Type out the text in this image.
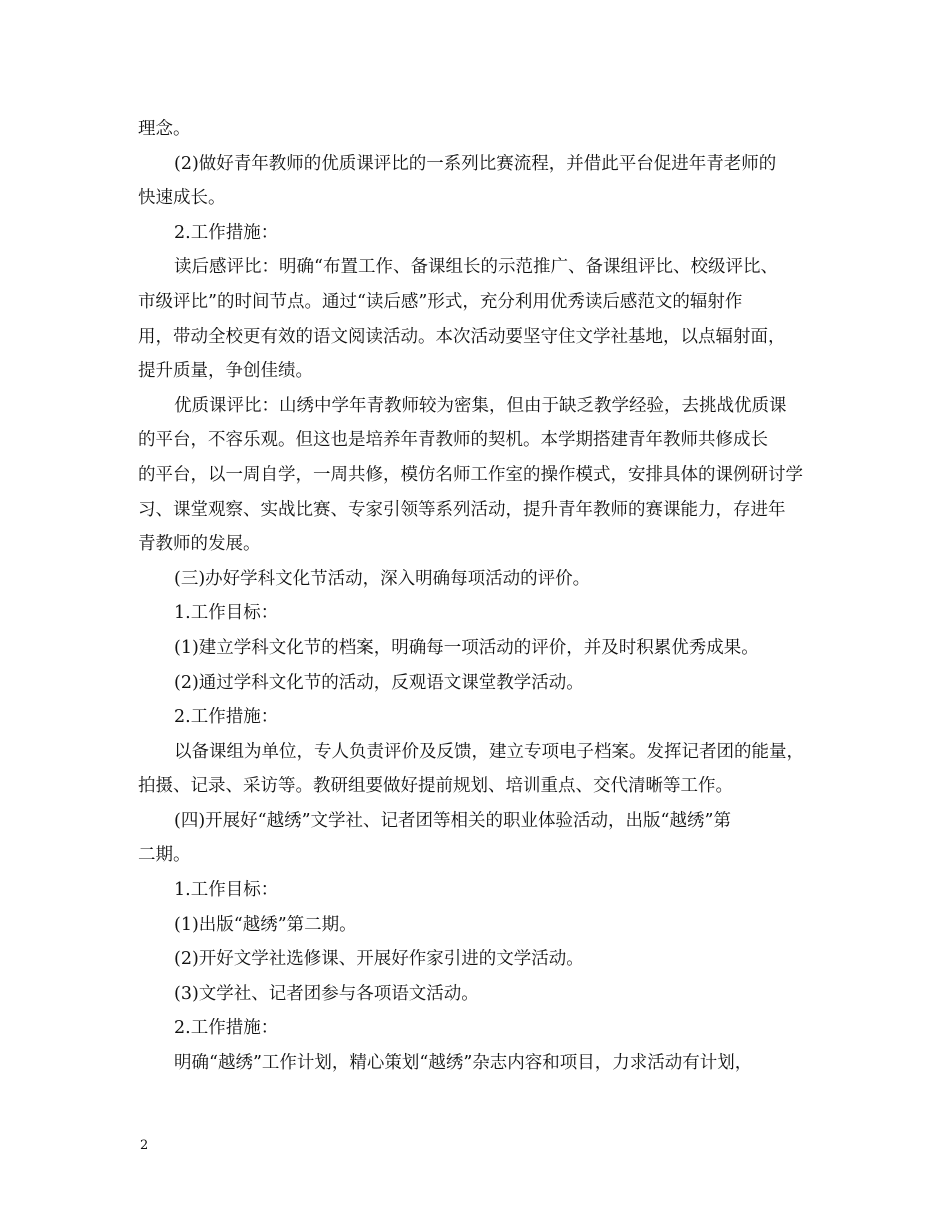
理念。
(2)做好青年教师的优质课评比的一系列比赛流程，并借此平台促进年青老师的
快速成长。
2.工作措施：
读后感评比：明确“布置工作、备课组长的示范推广、备课组评比、校级评比、
市级评比”的时间节点。通过“读后感”形式，充分利用优秀读后感范文的辐射作
用，带动全校更有效的语文阅读活动。本次活动要坚守住文学社基地，以点辐射面，
提升质量，争创佳绩。
优质课评比：山绣中学年青教师较为密集，但由于缺乏教学经验，去挑战优质课
的平台，不容乐观。但这也是培养年青教师的契机。本学期搭建青年教师共修成长
的平台，以一周自学，一周共修，模仿名师工作室的操作模式，安排具体的课例研讨学
习、课堂观察、实战比赛、专家引领等系列活动，提升青年教师的赛课能力，存进年
青教师的发展。
(三)办好学科文化节活动，深入明确每项活动的评价。
1.工作目标：
(1)建立学科文化节的档案，明确每一项活动的评价，并及时积累优秀成果。
(2)通过学科文化节的活动，反观语文课堂教学活动。
2.工作措施：
以备课组为单位，专人负责评价及反馈，建立专项电子档案。发挥记者团的能量，
拍摄、记录、采访等。教研组要做好提前规划、培训重点、交代清晰等工作。
(四)开展好“越绣”文学社、记者团等相关的职业体验活动，出版“越绣”第
二期。
1.工作目标：
(1)出版“越绣”第二期。
(2)开好文学社选修课、开展好作家引进的文学活动。
(3)文学社、记者团参与各项语文活动。
2.工作措施：
明确“越绣”工作计划，精心策划“越绣”杂志内容和项目，力求活动有计划，
2
